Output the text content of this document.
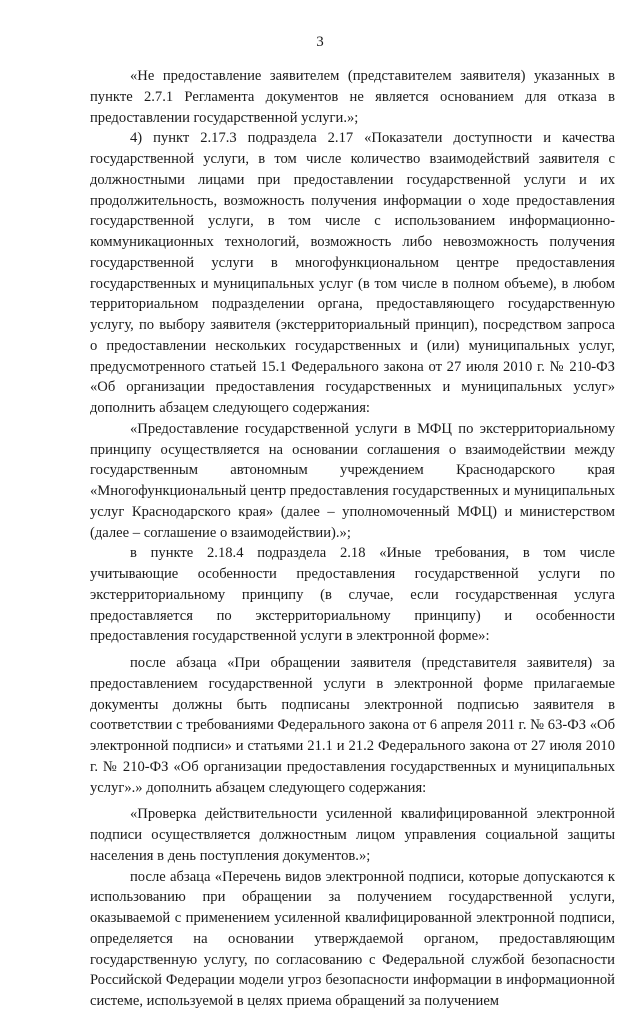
3

«Не предоставление заявителем (представителем заявителя) указанных в пункте 2.7.1 Регламента документов не является основанием для отказа в предоставлении государственной услуги.»;

4) пункт 2.17.3 подраздела 2.17 «Показатели доступности и качества государственной услуги, в том числе количество взаимодействий заявителя с должностными лицами при предоставлении государственной услуги и их продолжительность, возможность получения информации о ходе предоставления государственной услуги, в том числе с использованием информационно-коммуникационных технологий, возможность либо невозможность получения государственной услуги в многофункциональном центре предоставления государственных и муниципальных услуг (в том числе в полном объеме), в любом территориальном подразделении органа, предоставляющего государственную услугу, по выбору заявителя (экстерриториальный принцип), посредством запроса о предоставлении нескольких государственных и (или) муниципальных услуг, предусмотренного статьей 15.1 Федерального закона от 27 июля 2010 г. № 210-ФЗ «Об организации предоставления государственных и муниципальных услуг» дополнить абзацем следующего содержания:

«Предоставление государственной услуги в МФЦ по экстерриториальному принципу осуществляется на основании соглашения о взаимодействии между государственным автономным учреждением Краснодарского края «Многофункциональный центр предоставления государственных и муниципальных услуг Краснодарского края» (далее – уполномоченный МФЦ) и министерством (далее – соглашение о взаимодействии).»;

в пункте 2.18.4 подраздела 2.18 «Иные требования, в том числе учитывающие особенности предоставления государственной услуги по экстерриториальному принципу (в случае, если государственная услуга предоставляется по экстерриториальному принципу) и особенности предоставления государственной услуги в электронной форме»:

после абзаца «При обращении заявителя (представителя заявителя) за предоставлением государственной услуги в электронной форме прилагаемые документы должны быть подписаны электронной подписью заявителя в соответствии с требованиями Федерального закона от 6 апреля 2011 г. № 63-ФЗ «Об электронной подписи» и статьями 21.1 и 21.2 Федерального закона от 27 июля 2010 г. № 210-ФЗ «Об организации предоставления государственных и муниципальных услуг».» дополнить абзацем следующего содержания:

«Проверка действительности усиленной квалифицированной электронной подписи осуществляется должностным лицом управления социальной защиты населения в день поступления документов.»;

после абзаца «Перечень видов электронной подписи, которые допускаются к использованию при обращении за получением государственной услуги, оказываемой с применением усиленной квалифицированной электронной подписи, определяется на основании утверждаемой органом, предоставляющим государственную услугу, по согласованию с Федеральной службой безопасности Российской Федерации модели угроз безопасности информации в информационной системе, используемой в целях приема обращений за получением
